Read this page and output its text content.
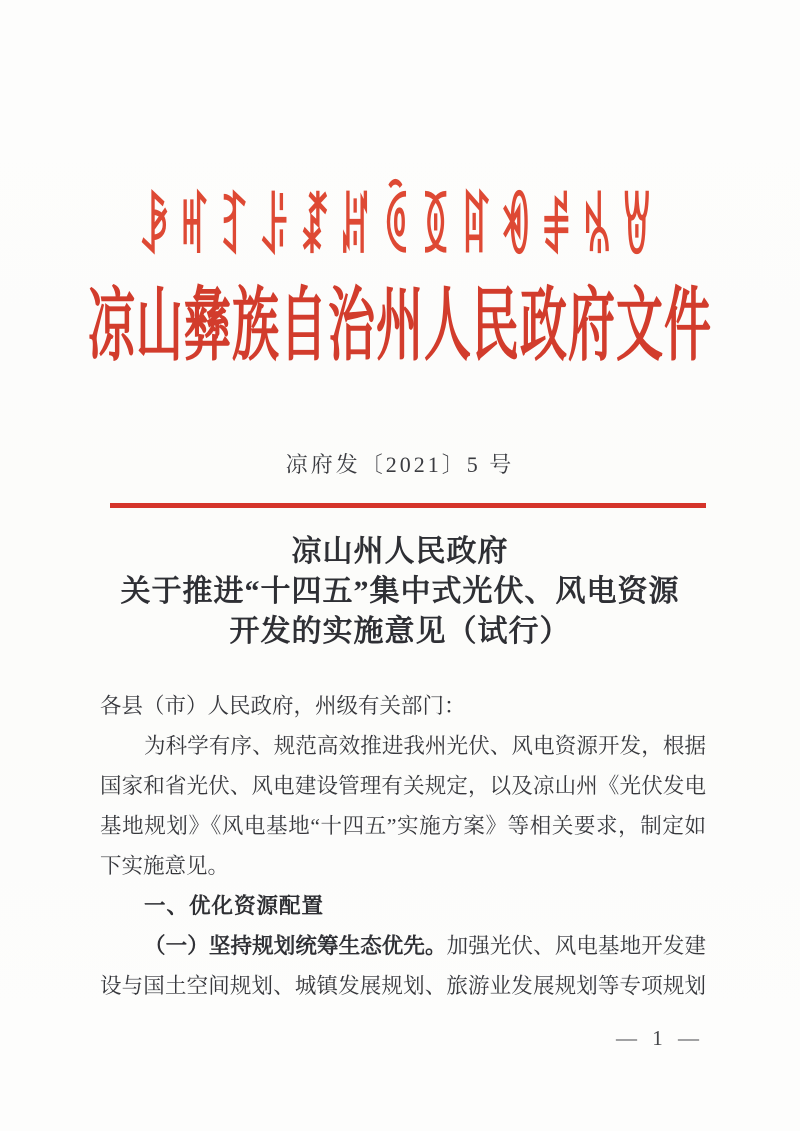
ꆃꎭꆈꌠꊨꏦꏱꅉꍏꏓꂱꁱꇐ
凉山彝族自治州人民政府文件
凉府发〔2021〕5 号
凉山州人民政府
关于推进“十四五”集中式光伏、风电资源
开发的实施意见（试行）
各县（市）人民政府，州级有关部门：
为科学有序、规范高效推进我州光伏、风电资源开发，根据
国家和省光伏、风电建设管理有关规定，以及凉山州《光伏发电
基地规划》《风电基地“十四五”实施方案》等相关要求，制定如
下实施意见。
一、优化资源配置
（一）坚持规划统筹生态优先。加强光伏、风电基地开发建
设与国土空间规划、城镇发展规划、旅游业发展规划等专项规划
— 1 —
